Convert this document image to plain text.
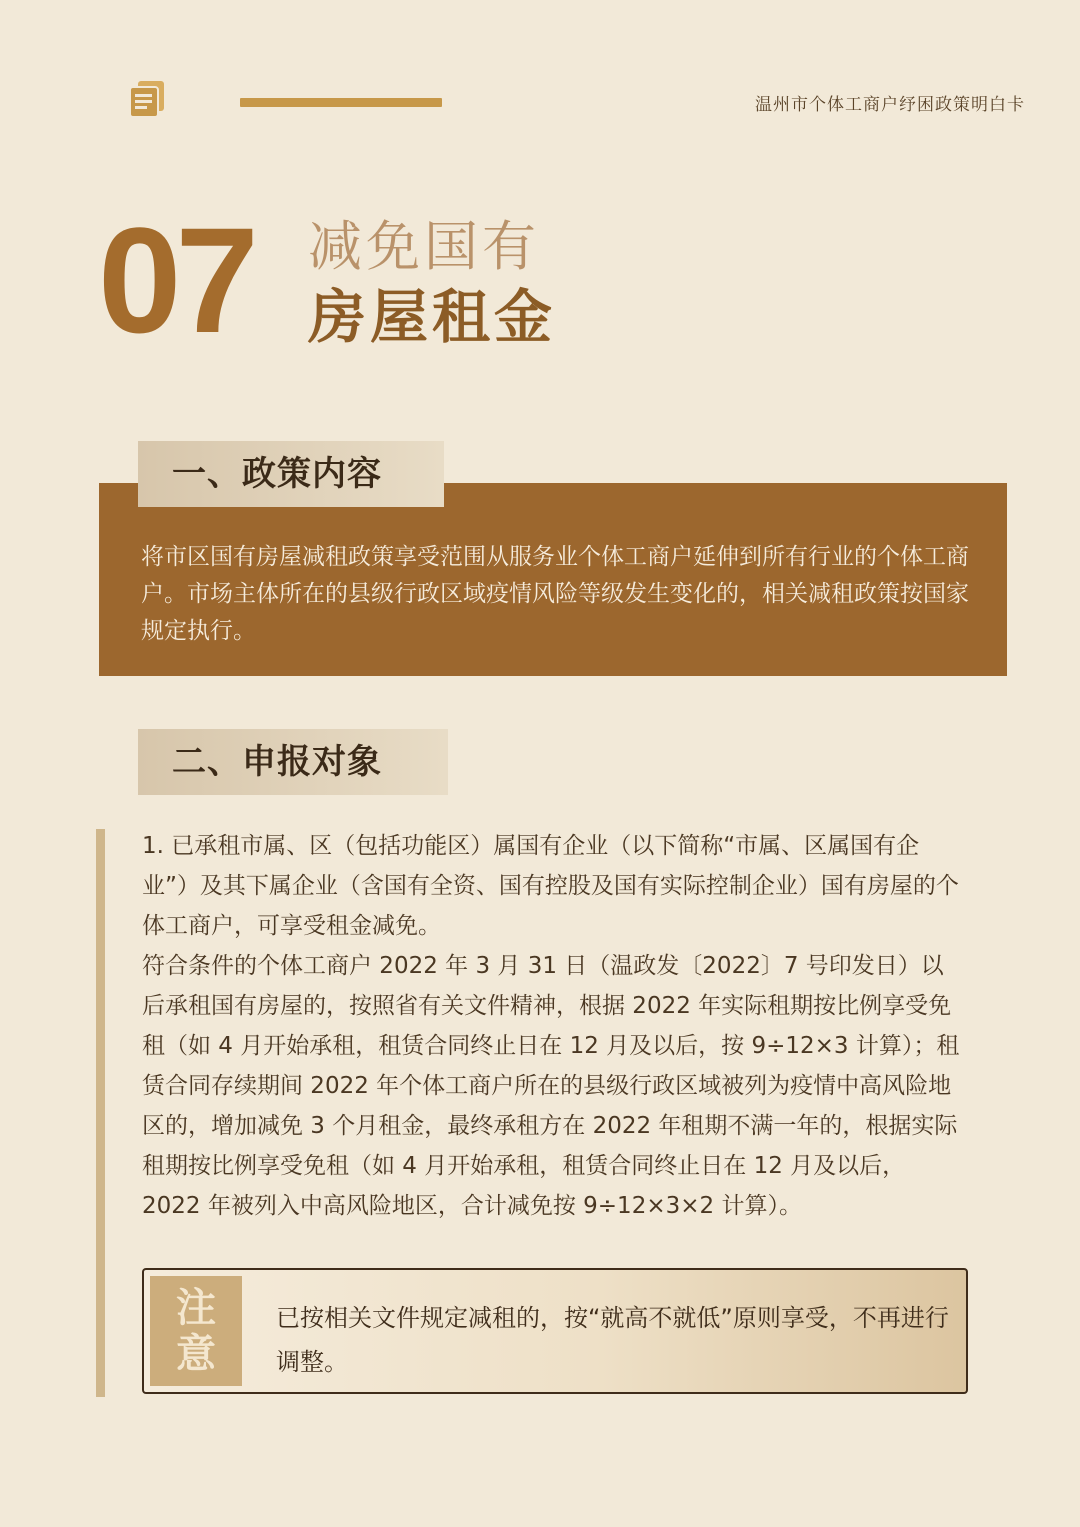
温州市个体工商户纾困政策明白卡
07 减免国有
房屋租金
一、政策内容

将市区国有房屋减租政策享受范围从服务业个体工商户延伸到所有行业的个体工商户。市场主体所在的县级行政区域疫情风险等级发生变化的，相关减租政策按国家规定执行。

二、申报对象

1. 已承租市属、区（包括功能区）属国有企业（以下简称“市属、区属国有企业”）及其下属企业（含国有全资、国有控股及国有实际控制企业）国有房屋的个体工商户，可享受租金减免。

符合条件的个体工商户 2022 年 3 月 31 日（温政发〔2022〕7 号印发日）以后承租国有房屋的，按照省有关文件精神，根据 2022 年实际租期按比例享受免租（如 4 月开始承租，租赁合同终止日在 12 月及以后，按 9÷12×3 计算）；租赁合同存续期间 2022 年个体工商户所在的县级行政区域被列为疫情中高风险地区的，增加减免 3 个月租金，最终承租方在 2022 年租期不满一年的，根据实际租期按比例享受免租（如 4 月开始承租，租赁合同终止日在 12 月及以后，2022 年被列入中高风险地区，合计减免按 9÷12×3×2 计算）。

注
意

已按相关文件规定减租的，按“就高不就低”原则享受，不再进行调整。
